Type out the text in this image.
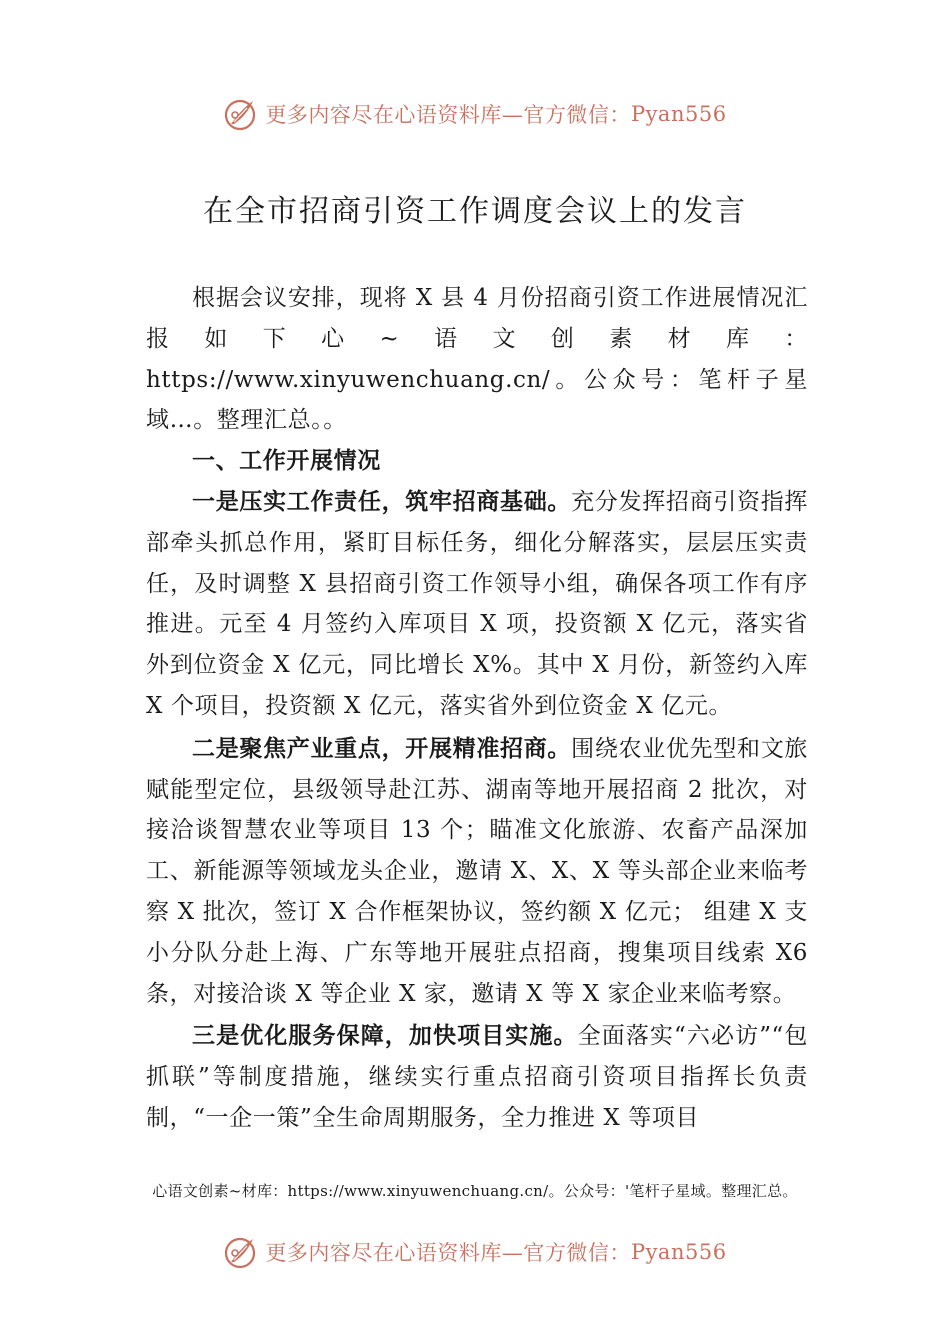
更多内容尽在心语资料库—官方微信： Pyan556
在全市招商引资工作调度会议上的发言

根据会议安排，现将 X 县 4 月份招商引资工作进展情况汇报如下心~语文创素材库：https://www.xinyuwenchuang.cn/。公众号：笔杆子星域…。整理汇总。。

一、工作开展情况

一是压实工作责任，筑牢招商基础。充分发挥招商引资指挥部牵头抓总作用，紧盯目标任务，细化分解落实，层层压实责任，及时调整 X 县招商引资工作领导小组，确保各项工作有序推进。元至 4 月签约入库项目 X 项，投资额 X 亿元，落实省外到位资金 X 亿元，同比增长 X%。其中 X 月份，新签约入库 X 个项目，投资额 X 亿元，落实省外到位资金 X 亿元。

二是聚焦产业重点，开展精准招商。围绕农业优先型和文旅赋能型定位，县级领导赴江苏、湖南等地开展招商 2 批次，对接洽谈智慧农业等项目 13 个；瞄准文化旅游、农畜产品深加工、新能源等领域龙头企业，邀请 X、X、X 等头部企业来临考察 X 批次，签订 X 合作框架协议，签约额 X 亿元； 组建 X 支小分队分赴上海、广东等地开展驻点招商，搜集项目线索 X6 条，对接洽谈 X 等企业 X 家，邀请 X 等 X 家企业来临考察。

三是优化服务保障，加快项目实施。全面落实“六必访”“包抓联”等制度措施，继续实行重点招商引资项目指挥长负责制，“一企一策”全生命周期服务，全力推进 X 等项目

心语文创素~材库：https://www.xinyuwenchuang.cn/。公众号：'笔杆子星域。整理汇总。
更多内容尽在心语资料库—官方微信： Pyan556
